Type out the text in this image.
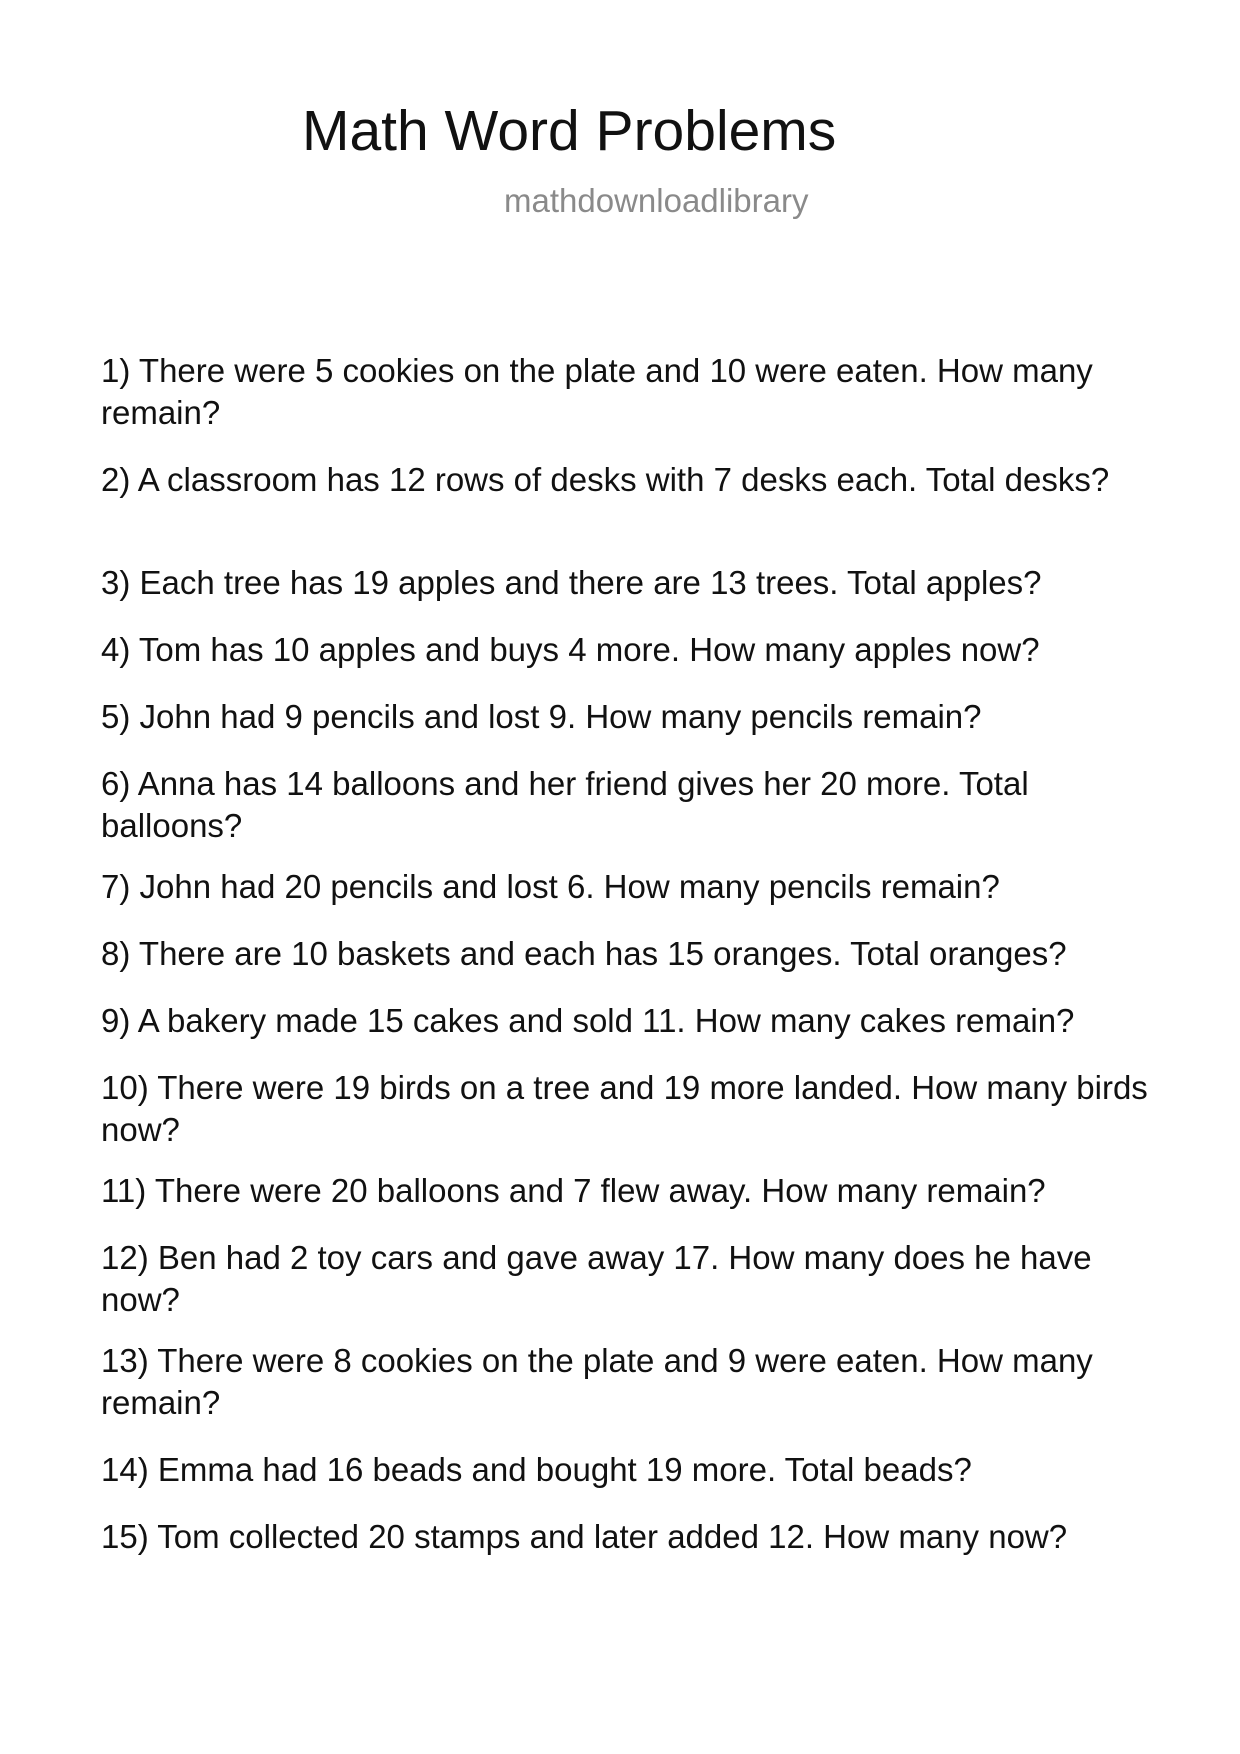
Math Word Problems
mathdownloadlibrary
1) There were 5 cookies on the plate and 10 were eaten. How many remain?
2) A classroom has 12 rows of desks with 7 desks each. Total desks?
3) Each tree has 19 apples and there are 13 trees. Total apples?
4) Tom has 10 apples and buys 4 more. How many apples now?
5) John had 9 pencils and lost 9. How many pencils remain?
6) Anna has 14 balloons and her friend gives her 20 more. Total balloons?
7) John had 20 pencils and lost 6. How many pencils remain?
8) There are 10 baskets and each has 15 oranges. Total oranges?
9) A bakery made 15 cakes and sold 11. How many cakes remain?
10) There were 19 birds on a tree and 19 more landed. How many birds now?
11) There were 20 balloons and 7 flew away. How many remain?
12) Ben had 2 toy cars and gave away 17. How many does he have now?
13) There were 8 cookies on the plate and 9 were eaten. How many remain?
14) Emma had 16 beads and bought 19 more. Total beads?
15) Tom collected 20 stamps and later added 12. How many now?
